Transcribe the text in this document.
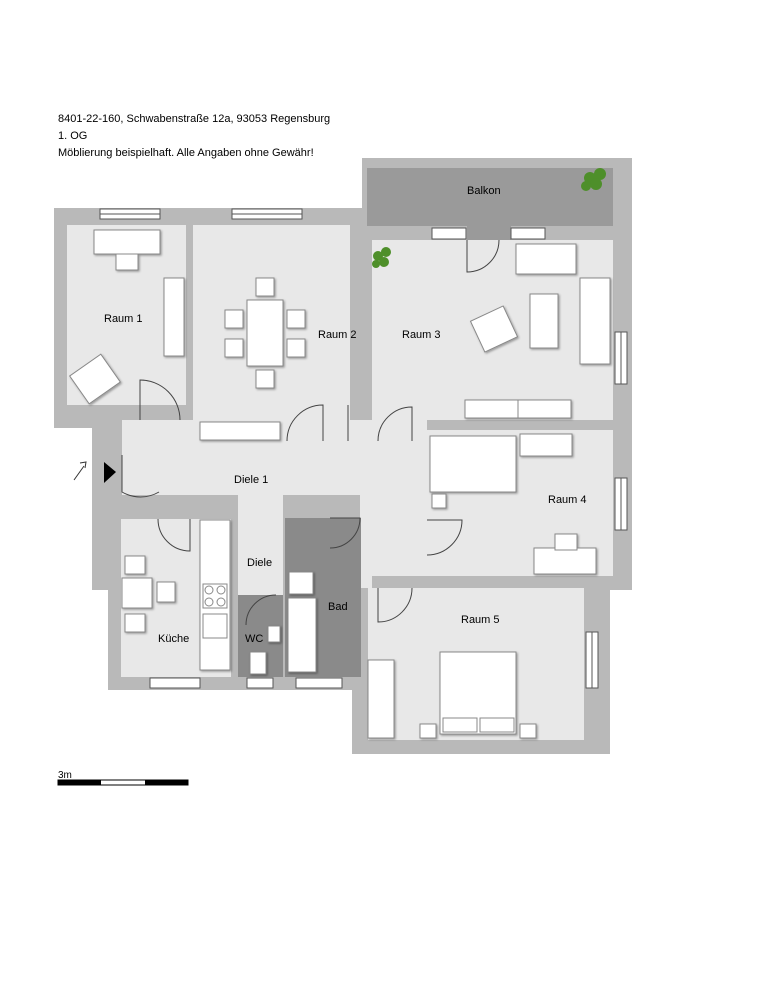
8401-22-160, Schwabenstraße 12a, 93053 Regensburg
1. OG
Möblierung beispielhaft. Alle Angaben ohne Gewähr!
Balkon
Raum 1
Raum 2	Raum 3
Raum 4
Raum 5
Diele 1
Diele
Küche	WC
Bad
3m
